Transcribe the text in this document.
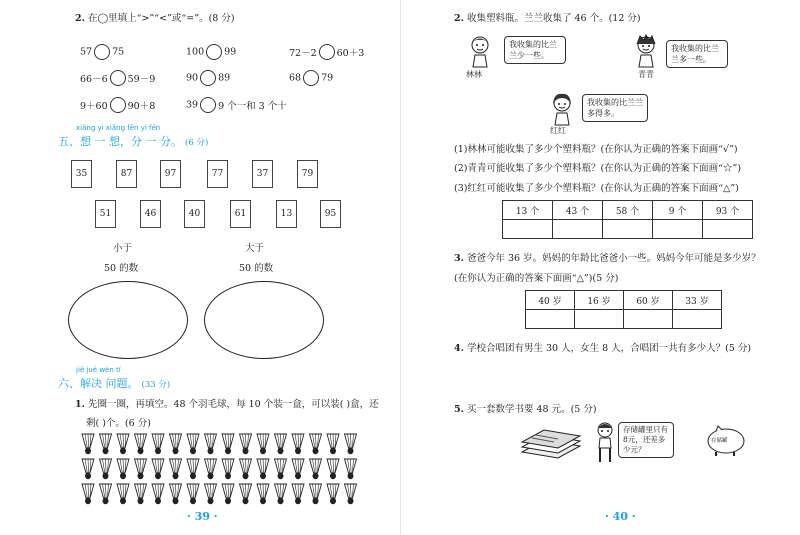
2. 在◯里填上“>”“<”或“=”。(8 分)
57 75	100 99	72－2 60＋3
66－6 59－9	90 89	68 79
9＋60 90＋8	39 9 个一和 3 个十
xiǎng yi xiǎng fēn yi fēn
五、想 一 想，分 一 分。 (6 分)
35	87	97	77	37	79
51	46	40	61	13	95
小于
50 的数
大于
50 的数
jiě jué wèn tí
六、解决 问题。 (33 分)
1. 先圈一圈，再填空。48 个羽毛球，每 10 个装一盒，可以装( )盒，还
剩( )个。(6 分)
· 39 ·
2. 收集塑料瓶。兰兰收集了 46 个。(12 分)
我收集的比兰兰少一些。
林林
我收集的比兰兰多一些。
青青
我收集的比兰兰多得多。
红红
(1)林林可能收集了多少个塑料瓶？(在你认为正确的答案下面画“√”)
(2)青青可能收集了多少个塑料瓶？(在你认为正确的答案下面画“☆”)
(3)红红可能收集了多少个塑料瓶？(在你认为正确的答案下面画“△”)
13 个	43 个	58 个	9 个	93 个

3. 爸爸今年 36 岁。妈妈的年龄比爸爸小一些。妈妈今年可能是多少岁？
(在你认为正确的答案下面画“△”)(5 分)
40 岁	16 岁	60 岁	33 岁

4. 学校合唱团有男生 30 人，女生 8 人，合唱团一共有多少人？(5 分)
5. 买一套数学书要 48 元。(5 分)
存储罐里只有8元，还差多少元？
存储罐
· 40 ·
